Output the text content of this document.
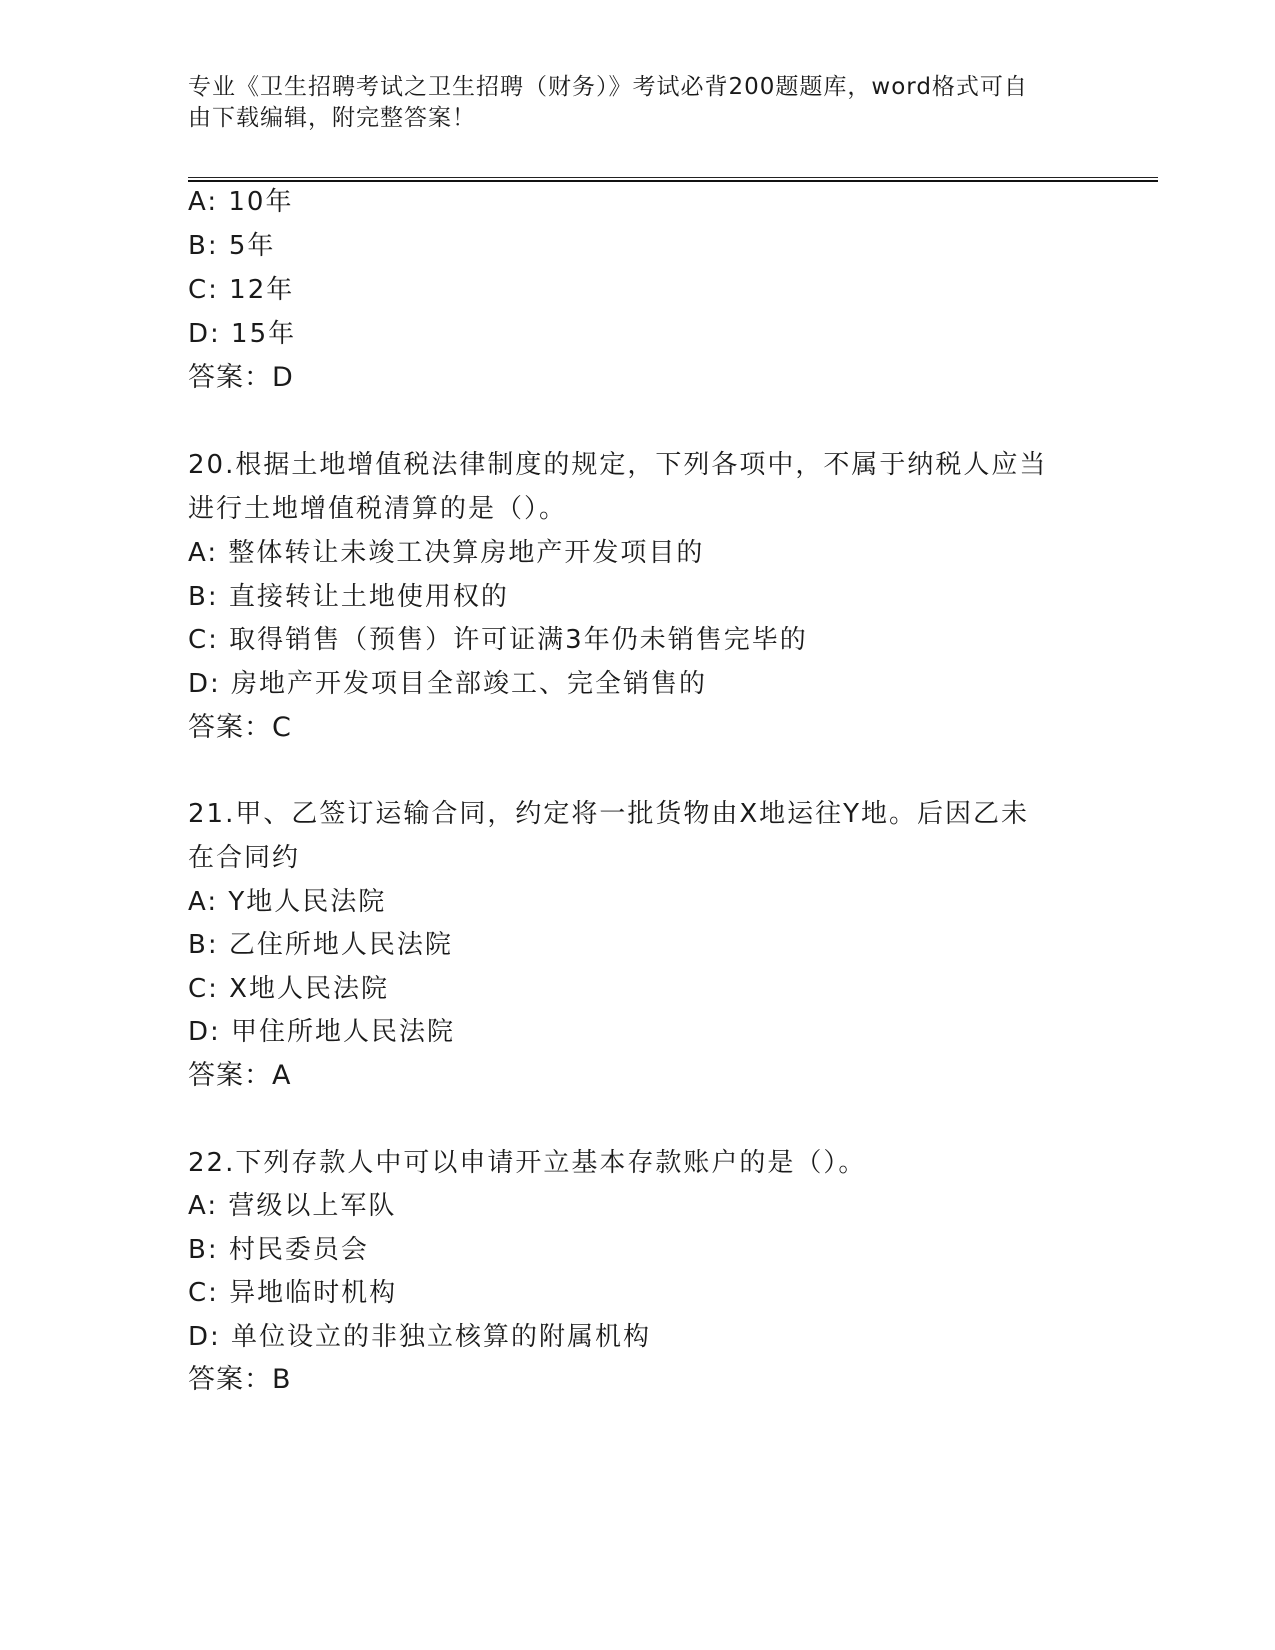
专业《卫生招聘考试之卫生招聘（财务）》考试必背200题题库，word格式可自
由下载编辑，附完整答案！
A: 10年
B: 5年
C: 12年
D: 15年
答案：D
20.根据土地增值税法律制度的规定，下列各项中，不属于纳税人应当
进行土地增值税清算的是（）。
A: 整体转让未竣工决算房地产开发项目的
B: 直接转让土地使用权的
C: 取得销售（预售）许可证满3年仍未销售完毕的
D: 房地产开发项目全部竣工、完全销售的
答案：C
21.甲、乙签订运输合同，约定将一批货物由X地运往Y地。后因乙未
在合同约
A: Y地人民法院
B: 乙住所地人民法院
C: X地人民法院
D: 甲住所地人民法院
答案：A
22.下列存款人中可以申请开立基本存款账户的是（）。
A: 营级以上军队
B: 村民委员会
C: 异地临时机构
D: 单位设立的非独立核算的附属机构
答案：B
